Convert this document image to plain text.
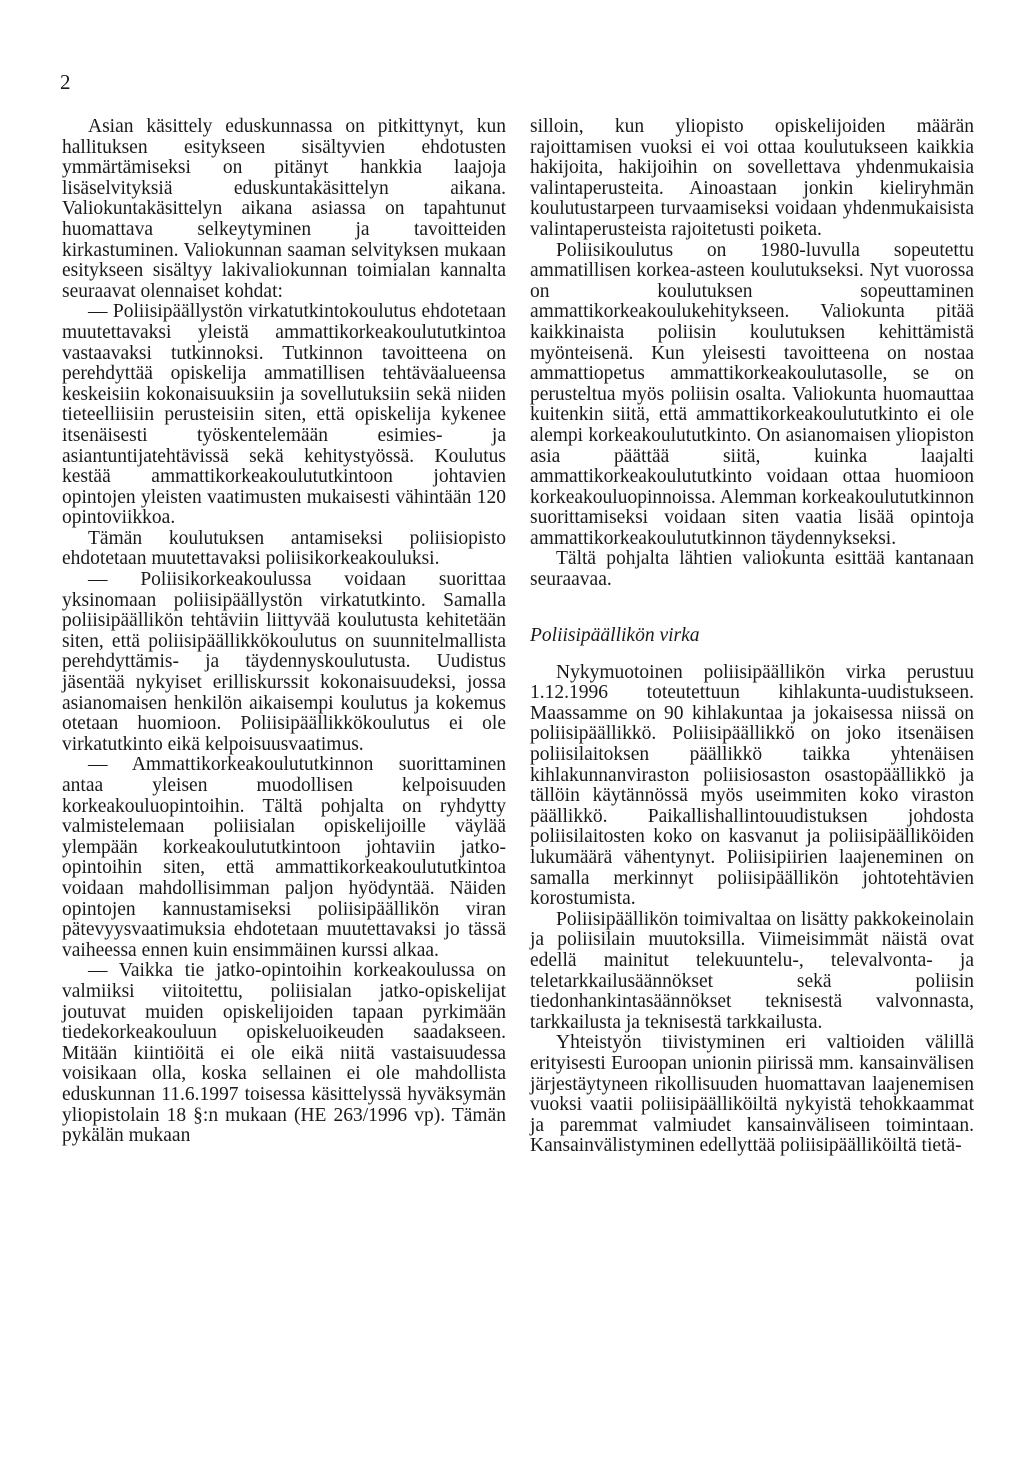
2

Asian käsittely eduskunnassa on pitkittynyt, kun hallituksen esitykseen sisältyvien ehdotusten ymmärtämiseksi on pitänyt hankkia laajoja lisäselvityksiä eduskuntakäsittelyn aikana. Valiokuntakäsittelyn aikana asiassa on tapahtunut huomattava selkeytyminen ja tavoitteiden kirkastuminen. Valiokunnan saaman selvityksen mukaan esitykseen sisältyy lakivaliokunnan toimialan kannalta seuraavat olennaiset kohdat:

— Poliisipäällystön virkatutkintokoulutus ehdotetaan muutettavaksi yleistä ammattikorkeakoulututkintoa vastaavaksi tutkinnoksi. Tutkinnon tavoitteena on perehdyttää opiskelija ammatillisen tehtäväalueensa keskeisiin kokonaisuuksiin ja sovellutuksiin sekä niiden tieteelliisiin perusteisiin siten, että opiskelija kykenee itsenäisesti työskentelemään esimies- ja asiantuntijatehtävissä sekä kehitystyössä. Koulutus kestää ammattikorkeakoulututkintoon johtavien opintojen yleisten vaatimusten mukaisesti vähintään 120 opintoviikkoa.

Tämän koulutuksen antamiseksi poliisiopisto ehdotetaan muutettavaksi poliisikorkeakouluksi.

— Poliisikorkeakoulussa voidaan suorittaa yksinomaan poliisipäällystön virkatutkinto. Samalla poliisipäällikön tehtäviin liittyvää koulutusta kehitetään siten, että poliisipäällikkökoulutus on suunnitelmallista perehdyttämis- ja täydennyskoulutusta. Uudistus jäsentää nykyiset erilliskurssit kokonaisuudeksi, jossa asianomaisen henkilön aikaisempi koulutus ja kokemus otetaan huomioon. Poliisipäällikkökoulutus ei ole virkatutkinto eikä kelpoisuusvaatimus.

— Ammattikorkeakoulututkinnon suorittaminen antaa yleisen muodollisen kelpoisuuden korkeakouluopintoihin. Tältä pohjalta on ryhdytty valmistelemaan poliisialan opiskelijoille väylää ylempään korkeakoulututkintoon johtaviin jatko-opintoihin siten, että ammattikorkeakoulututkintoa voidaan mahdollisimman paljon hyödyntää. Näiden opintojen kannustamiseksi poliisipäällikön viran pätevyysvaatimuksia ehdotetaan muutettavaksi jo tässä vaiheessa ennen kuin ensimmäinen kurssi alkaa.

— Vaikka tie jatko-opintoihin korkeakoulussa on valmiiksi viitoitettu, poliisialan jatko-opiskelijat joutuvat muiden opiskelijoiden tapaan pyrkimään tiedekorkeakouluun opiskeluoikeuden saadakseen. Mitään kiintiöitä ei ole eikä niitä vastaisuudessa voisikaan olla, koska sellainen ei ole mahdollista eduskunnan 11.6.1997 toisessa käsittelyssä hyväksymän yliopistolain 18 §:n mukaan (HE 263/1996 vp). Tämän pykälän mukaan

silloin, kun yliopisto opiskelijoiden määrän rajoittamisen vuoksi ei voi ottaa koulutukseen kaikkia hakijoita, hakijoihin on sovellettava yhdenmukaisia valintaperusteita. Ainoastaan jonkin kieliryhmän koulutustarpeen turvaamiseksi voidaan yhdenmukaisista valintaperusteista rajoitetusti poiketa.

Poliisikoulutus on 1980-luvulla sopeutettu ammatillisen korkea-asteen koulutukseksi. Nyt vuorossa on koulutuksen sopeuttaminen ammattikorkeakoulukehitykseen. Valiokunta pitää kaikkinaista poliisin koulutuksen kehittämistä myönteisenä. Kun yleisesti tavoitteena on nostaa ammattiopetus ammattikorkeakoulutasolle, se on perusteltua myös poliisin osalta. Valiokunta huomauttaa kuitenkin siitä, että ammattikorkeakoulututkinto ei ole alempi korkeakoulututkinto. On asianomaisen yliopiston asia päättää siitä, kuinka laajalti ammattikorkeakoulututkinto voidaan ottaa huomioon korkeakouluopinnoissa. Alemman korkeakoulututkinnon suorittamiseksi voidaan siten vaatia lisää opintoja ammattikorkeakoulututkinnon täydennykseksi.

Tältä pohjalta lähtien valiokunta esittää kantanaan seuraavaa.

Poliisipäällikön virka

Nykymuotoinen poliisipäällikön virka perustuu 1.12.1996 toteutettuun kihlakunta-uudistukseen. Maassamme on 90 kihlakuntaa ja jokaisessa niissä on poliisipäällikkö. Poliisipäällikkö on joko itsenäisen poliisilaitoksen päällikkö taikka yhtenäisen kihlakunnanviraston poliisiosaston osastopäällikkö ja tällöin käytännössä myös useimmiten koko viraston päällikkö. Paikallishallintouudistuksen johdosta poliisilaitosten koko on kasvanut ja poliisipäälliköiden lukumäärä vähentynyt. Poliisipiirien laajeneminen on samalla merkinnyt poliisipäällikön johtotehtävien korostumista.

Poliisipäällikön toimivaltaa on lisätty pakkokeinolain ja poliisilain muutoksilla. Viimeisimmät näistä ovat edellä mainitut telekuuntelu-, televalvonta- ja teletarkkailusäännökset sekä poliisin tiedonhankintasäännökset teknisestä valvonnasta, tarkkailusta ja teknisestä tarkkailusta.

Yhteistyön tiivistyminen eri valtioiden välillä erityisesti Euroopan unionin piirissä mm. kansainvälisen järjestäytyneen rikollisuuden huomattavan laajenemisen vuoksi vaatii poliisipäälliköiltä nykyistä tehokkaammat ja paremmat valmiudet kansainväliseen toimintaan. Kansainvälistyminen edellyttää poliisipäälliköiltä tietä-
